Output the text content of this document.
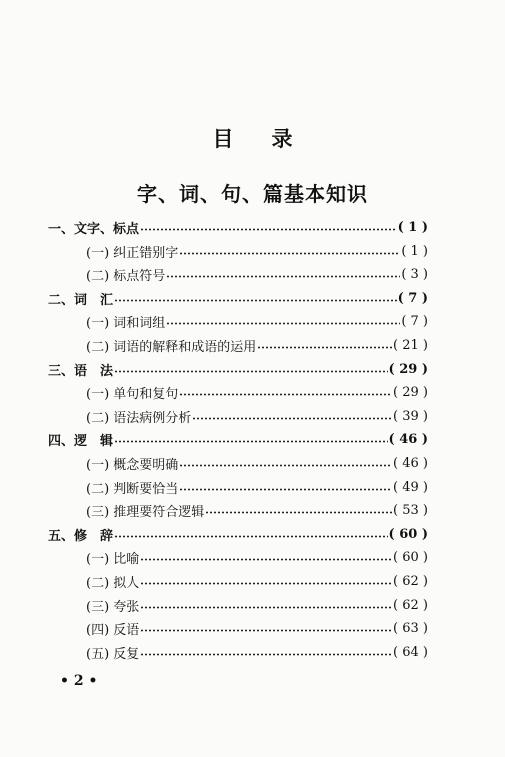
目 录
字、词、句、篇基本知识
一、文字、标点	( 1 )
(一) 纠正错别字	( 1 )
(二) 标点符号	( 3 )
二、词　汇	( 7 )
(一) 词和词组	( 7 )
(二) 词语的解释和成语的运用	( 21 )
三、语　法	( 29 )
(一) 单句和复句	( 29 )
(二) 语法病例分析	( 39 )
四、逻　辑	( 46 )
(一) 概念要明确	( 46 )
(二) 判断要恰当	( 49 )
(三) 推理要符合逻辑	( 53 )
五、修　辞	( 60 )
(一) 比喻	( 60 )
(二) 拟人	( 62 )
(三) 夸张	( 62 )
(四) 反语	( 63 )
(五) 反复	( 64 )
• 2 •
